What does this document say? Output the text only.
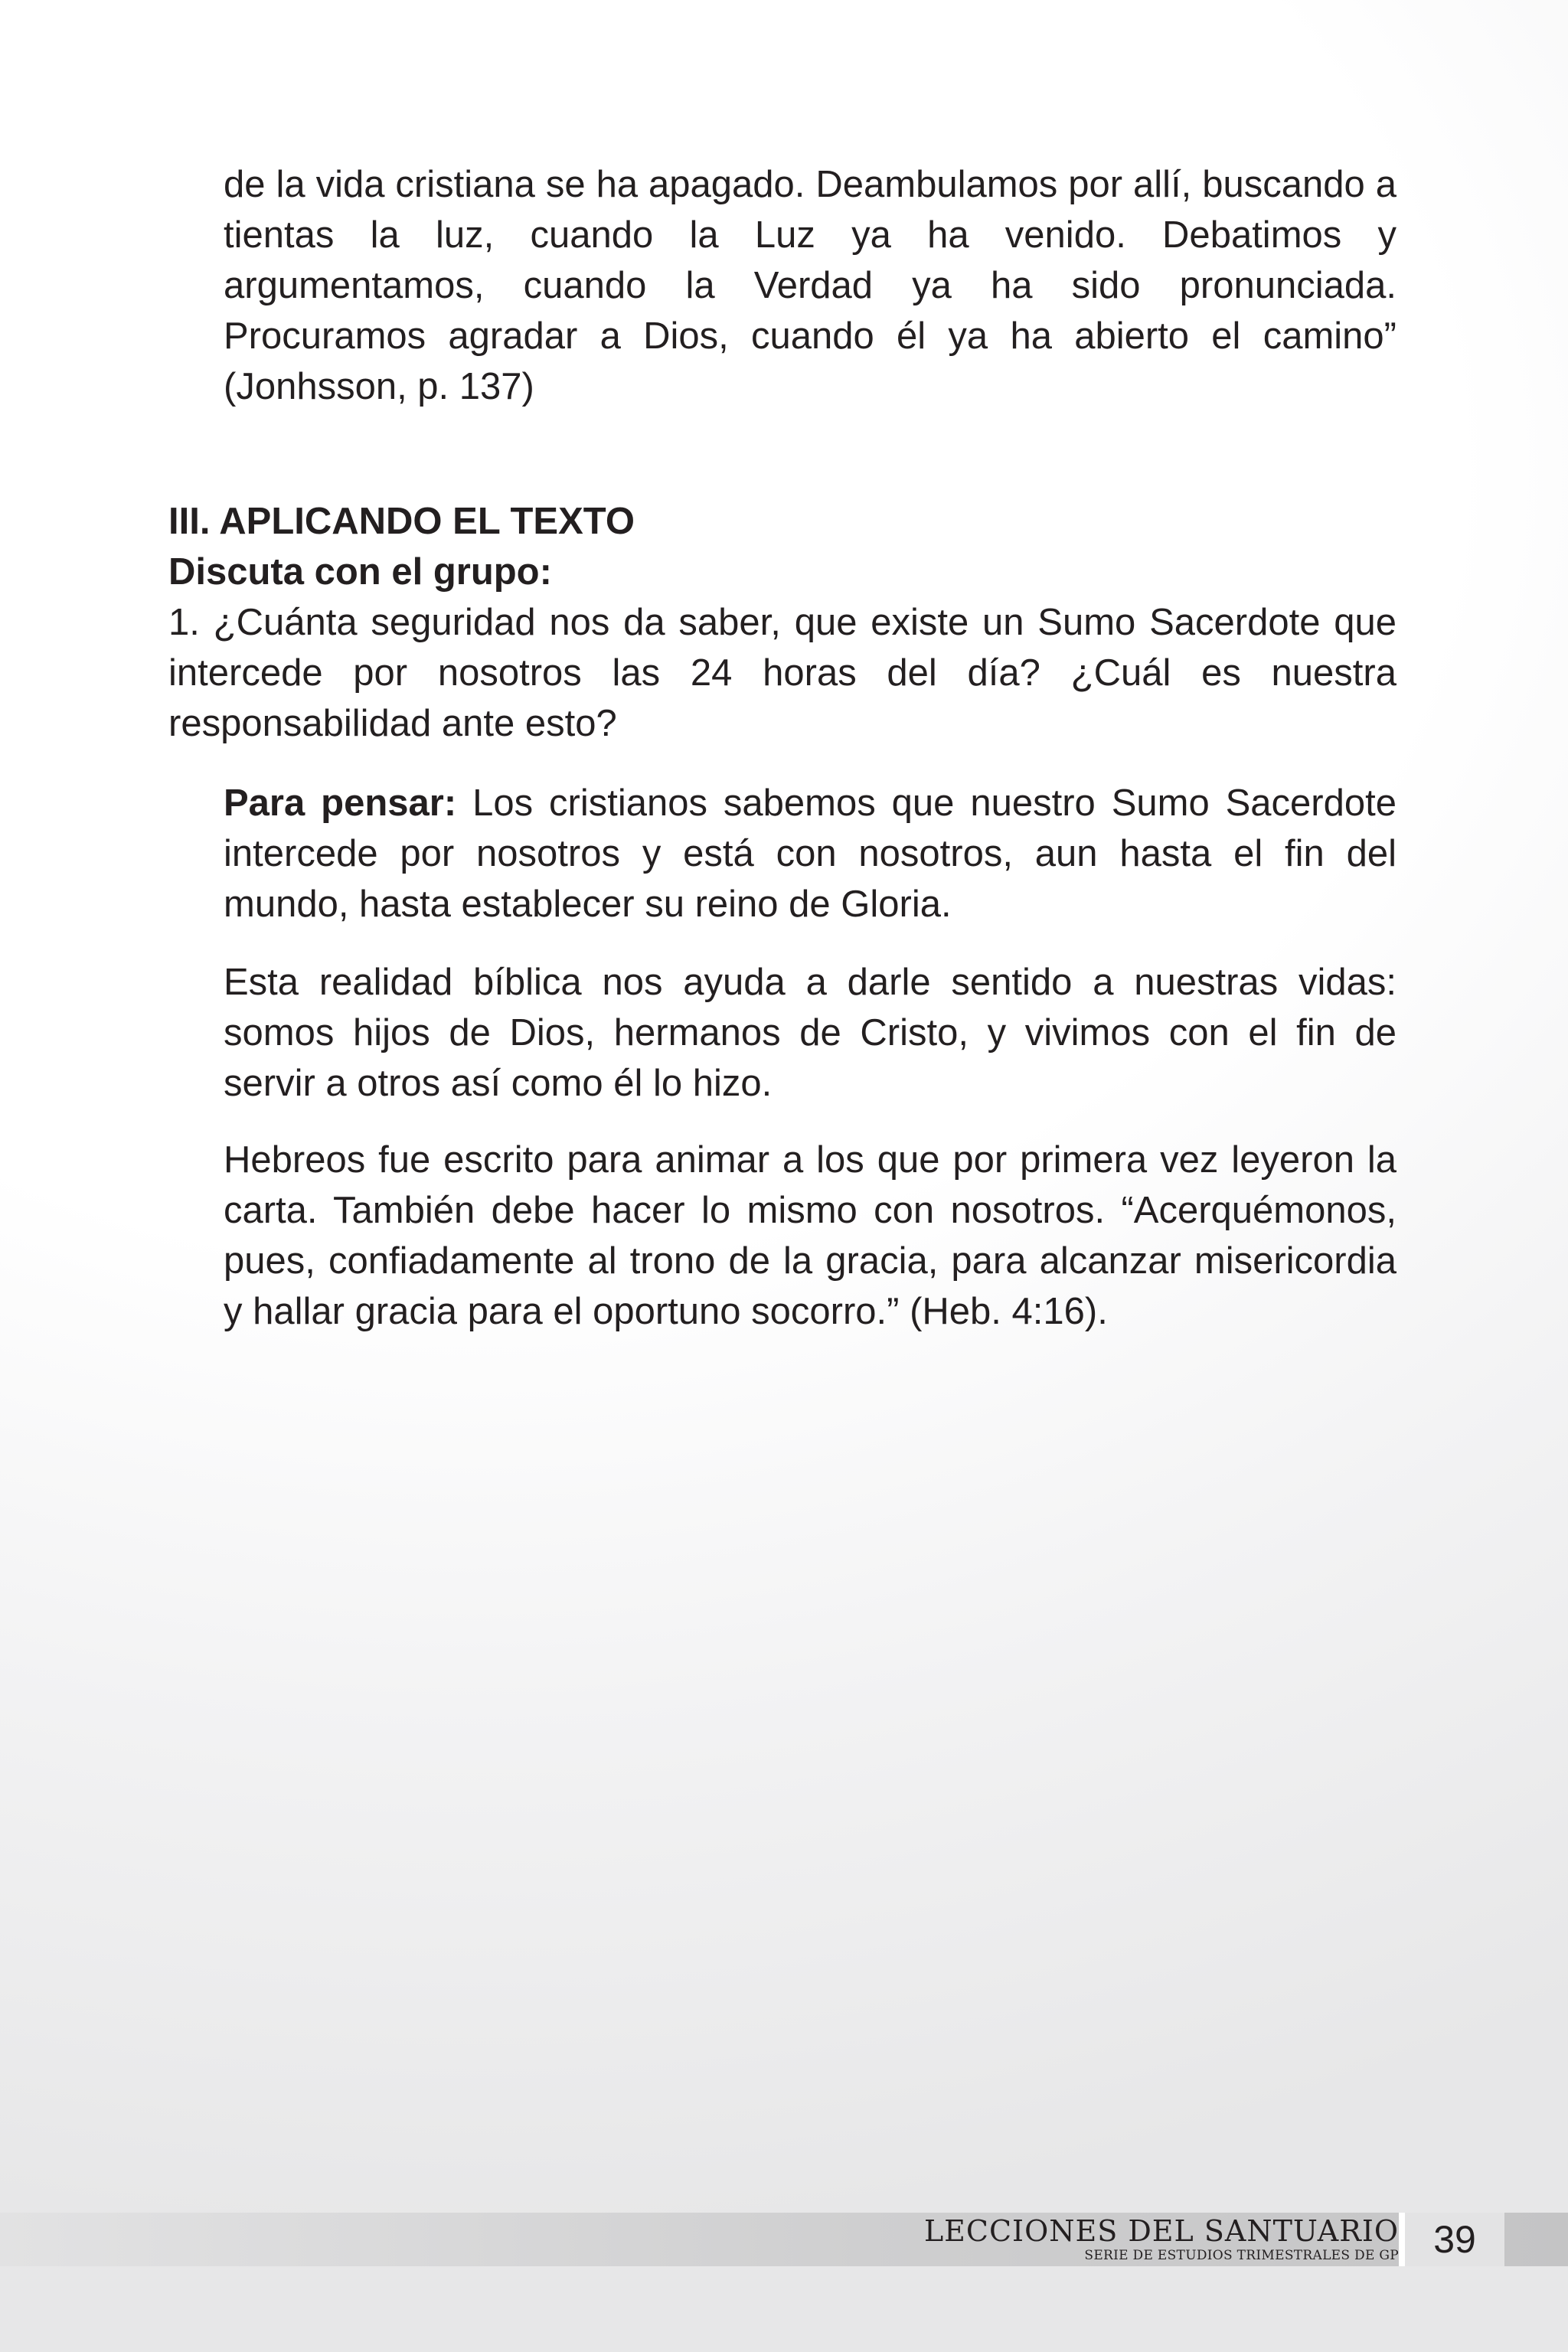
de la vida cristiana se ha apagado. Deambulamos por allí, buscando a tientas la luz, cuando la Luz ya ha venido. Debatimos y argumentamos, cuando la Verdad ya ha sido pronunciada. Procuramos agradar a Dios, cuando él ya ha abierto el camino” (Jonhsson, p. 137)

III. APLICANDO EL TEXTO

Discuta con el grupo:

1. ¿Cuánta seguridad nos da saber, que existe un Sumo Sacerdote que intercede por nosotros las 24 horas del día? ¿Cuál es nuestra responsabilidad ante esto?

Para pensar: Los cristianos sabemos que nuestro Sumo Sacerdote intercede por nosotros y está con nosotros, aun hasta el fin del mundo, hasta establecer su reino de Gloria.

Esta realidad bíblica nos ayuda a darle sentido a nuestras vidas: somos hijos de Dios, hermanos de Cristo, y vivimos con el fin de servir a otros así como él lo hizo.

Hebreos fue escrito para animar a los que por primera vez leyeron la carta. También debe hacer lo mismo con nosotros. “Acerquémonos, pues, confiadamente al trono de la gracia, para alcanzar misericordia y hallar gracia para el oportuno socorro.” (Heb. 4:16).

LECCIONES DEL SANTUARIO
SERIE DE ESTUDIOS TRIMESTRALES DE GP 39
